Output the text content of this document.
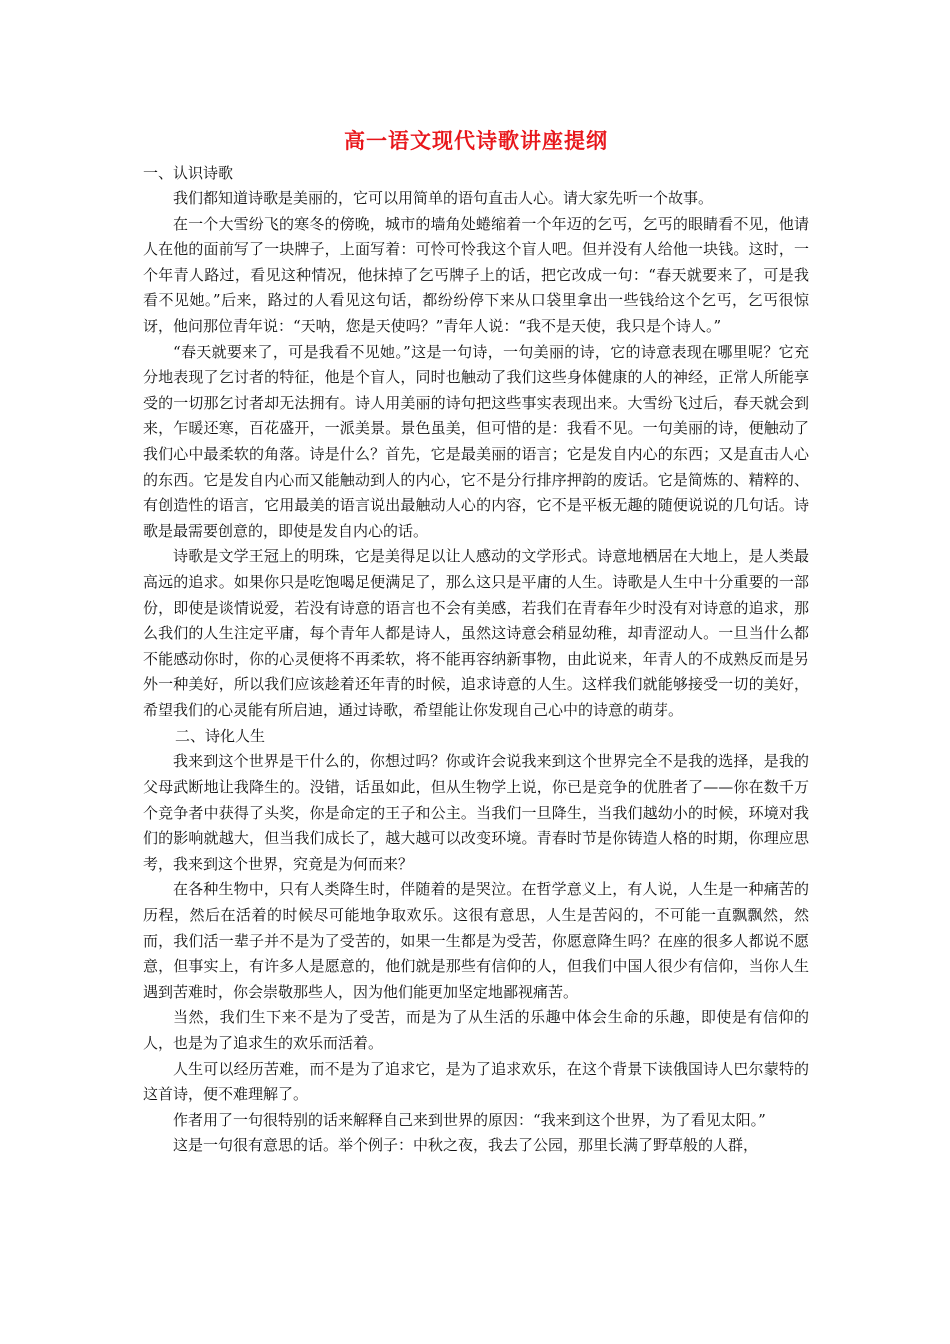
高一语文现代诗歌讲座提纲
一、认识诗歌

我们都知道诗歌是美丽的，它可以用简单的语句直击人心。请大家先听一个故事。

在一个大雪纷飞的寒冬的傍晚，城市的墙角处蜷缩着一个年迈的乞丐，乞丐的眼睛看不见，他请人在他的面前写了一块牌子，上面写着：可怜可怜我这个盲人吧。但并没有人给他一块钱。这时，一个年青人路过，看见这种情况，他抹掉了乞丐牌子上的话，把它改成一句：“春天就要来了，可是我看不见她。”后来，路过的人看见这句话，都纷纷停下来从口袋里拿出一些钱给这个乞丐，乞丐很惊讶，他问那位青年说：“天呐，您是天使吗？”青年人说：“我不是天使，我只是个诗人。”

“春天就要来了，可是我看不见她。”这是一句诗，一句美丽的诗，它的诗意表现在哪里呢？它充分地表现了乞讨者的特征，他是个盲人，同时也触动了我们这些身体健康的人的神经，正常人所能享受的一切那乞讨者却无法拥有。诗人用美丽的诗句把这些事实表现出来。大雪纷飞过后，春天就会到来，乍暖还寒，百花盛开，一派美景。景色虽美，但可惜的是：我看不见。一句美丽的诗，便触动了我们心中最柔软的角落。诗是什么？首先，它是最美丽的语言；它是发自内心的东西；又是直击人心的东西。它是发自内心而又能触动到人的内心，它不是分行排序押韵的废话。它是简炼的、精粹的、有创造性的语言，它用最美的语言说出最触动人心的内容，它不是平板无趣的随便说说的几句话。诗歌是最需要创意的，即使是发自内心的话。

诗歌是文学王冠上的明珠，它是美得足以让人感动的文学形式。诗意地栖居在大地上，是人类最高远的追求。如果你只是吃饱喝足便满足了，那么这只是平庸的人生。诗歌是人生中十分重要的一部份，即使是谈情说爱，若没有诗意的语言也不会有美感，若我们在青春年少时没有对诗意的追求，那么我们的人生注定平庸，每个青年人都是诗人，虽然这诗意会稍显幼稚，却青涩动人。一旦当什么都不能感动你时，你的心灵便将不再柔软，将不能再容纳新事物，由此说来，年青人的不成熟反而是另外一种美好，所以我们应该趁着还年青的时候，追求诗意的人生。这样我们就能够接受一切的美好，希望我们的心灵能有所启迪，通过诗歌，希望能让你发现自己心中的诗意的萌芽。

二、诗化人生

我来到这个世界是干什么的，你想过吗？你或许会说我来到这个世界完全不是我的选择，是我的父母武断地让我降生的。没错，话虽如此，但从生物学上说，你已是竞争的优胜者了——你在数千万个竞争者中获得了头奖，你是命定的王子和公主。当我们一旦降生，当我们越幼小的时候，环境对我们的影响就越大，但当我们成长了，越大越可以改变环境。青春时节是你铸造人格的时期，你理应思考，我来到这个世界，究竟是为何而来？

在各种生物中，只有人类降生时，伴随着的是哭泣。在哲学意义上，有人说，人生是一种痛苦的历程，然后在活着的时候尽可能地争取欢乐。这很有意思，人生是苦闷的，不可能一直飘飘然，然而，我们活一辈子并不是为了受苦的，如果一生都是为受苦，你愿意降生吗？在座的很多人都说不愿意，但事实上，有许多人是愿意的，他们就是那些有信仰的人，但我们中国人很少有信仰，当你人生遇到苦难时，你会崇敬那些人，因为他们能更加坚定地鄙视痛苦。

当然，我们生下来不是为了受苦，而是为了从生活的乐趣中体会生命的乐趣，即使是有信仰的人，也是为了追求生的欢乐而活着。

人生可以经历苦难，而不是为了追求它，是为了追求欢乐，在这个背景下读俄国诗人巴尔蒙特的这首诗，便不难理解了。

作者用了一句很特别的话来解释自己来到世界的原因：“我来到这个世界，为了看见太阳。”

这是一句很有意思的话。举个例子：中秋之夜，我去了公园，那里长满了野草般的人群，
